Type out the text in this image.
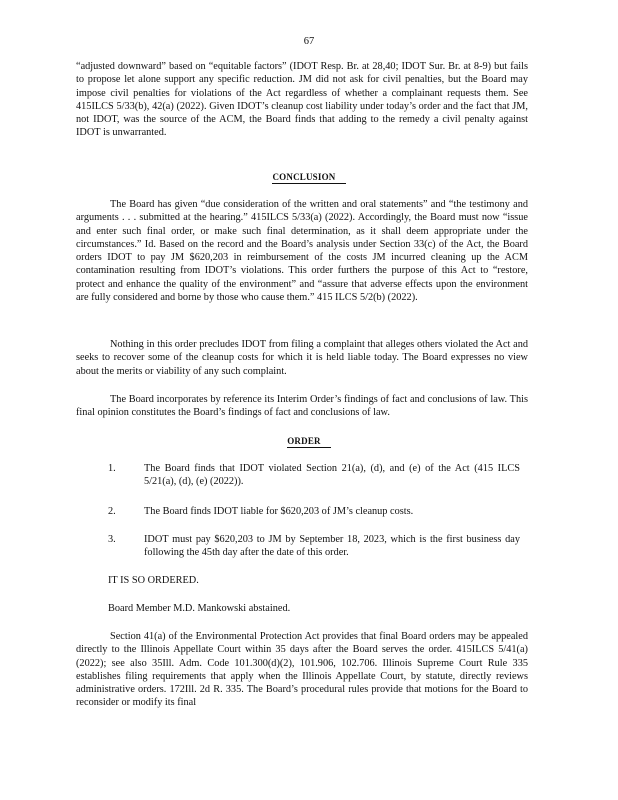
67

“adjusted downward” based on “equitable factors” (IDOT Resp. Br. at 28,40; IDOT Sur. Br. at 8-9) but fails to propose let alone support any specific reduction. JM did not ask for civil penalties, but the Board may impose civil penalties for violations of the Act regardless of whether a complainant requests them. See 415ILCS 5/33(b), 42(a) (2022). Given IDOT’s cleanup cost liability under today’s order and the fact that JM, not IDOT, was the source of the ACM, the Board finds that adding to the remedy a civil penalty against IDOT is unwarranted.

CONCLUSION

The Board has given “due consideration of the written and oral statements” and “the testimony and arguments . . . submitted at the hearing.” 415ILCS 5/33(a) (2022). Accordingly, the Board must now “issue and enter such final order, or make such final determination, as it shall deem appropriate under the circumstances.” Id. Based on the record and the Board’s analysis under Section 33(c) of the Act, the Board orders IDOT to pay JM $620,203 in reimbursement of the costs JM incurred cleaning up the ACM contamination resulting from IDOT’s violations. This order furthers the purpose of this Act to “restore, protect and enhance the quality of the environment” and “assure that adverse effects upon the environment are fully considered and borne by those who cause them.” 415 ILCS 5/2(b) (2022).

Nothing in this order precludes IDOT from filing a complaint that alleges others violated the Act and seeks to recover some of the cleanup costs for which it is held liable today. The Board expresses no view about the merits or viability of any such complaint.

The Board incorporates by reference its Interim Order’s findings of fact and conclusions of law. This final opinion constitutes the Board’s findings of fact and conclusions of law.

ORDER
1.	The Board finds that IDOT violated Section 21(a), (d), and (e) of the Act (415 ILCS 5/21(a), (d), (e) (2022)).
2.	The Board finds IDOT liable for $620,203 of JM’s cleanup costs.
3.	IDOT must pay $620,203 to JM by September 18, 2023, which is the first business day following the 45th day after the date of this order.
IT IS SO ORDERED.
Board Member M.D. Mankowski abstained.

Section 41(a) of the Environmental Protection Act provides that final Board orders may be appealed directly to the Illinois Appellate Court within 35 days after the Board serves the order. 415ILCS 5/41(a) (2022); see also 35Ill. Adm. Code 101.300(d)(2), 101.906, 102.706. Illinois Supreme Court Rule 335 establishes filing requirements that apply when the Illinois Appellate Court, by statute, directly reviews administrative orders. 172Ill. 2d R. 335. The Board’s procedural rules provide that motions for the Board to reconsider or modify its final
